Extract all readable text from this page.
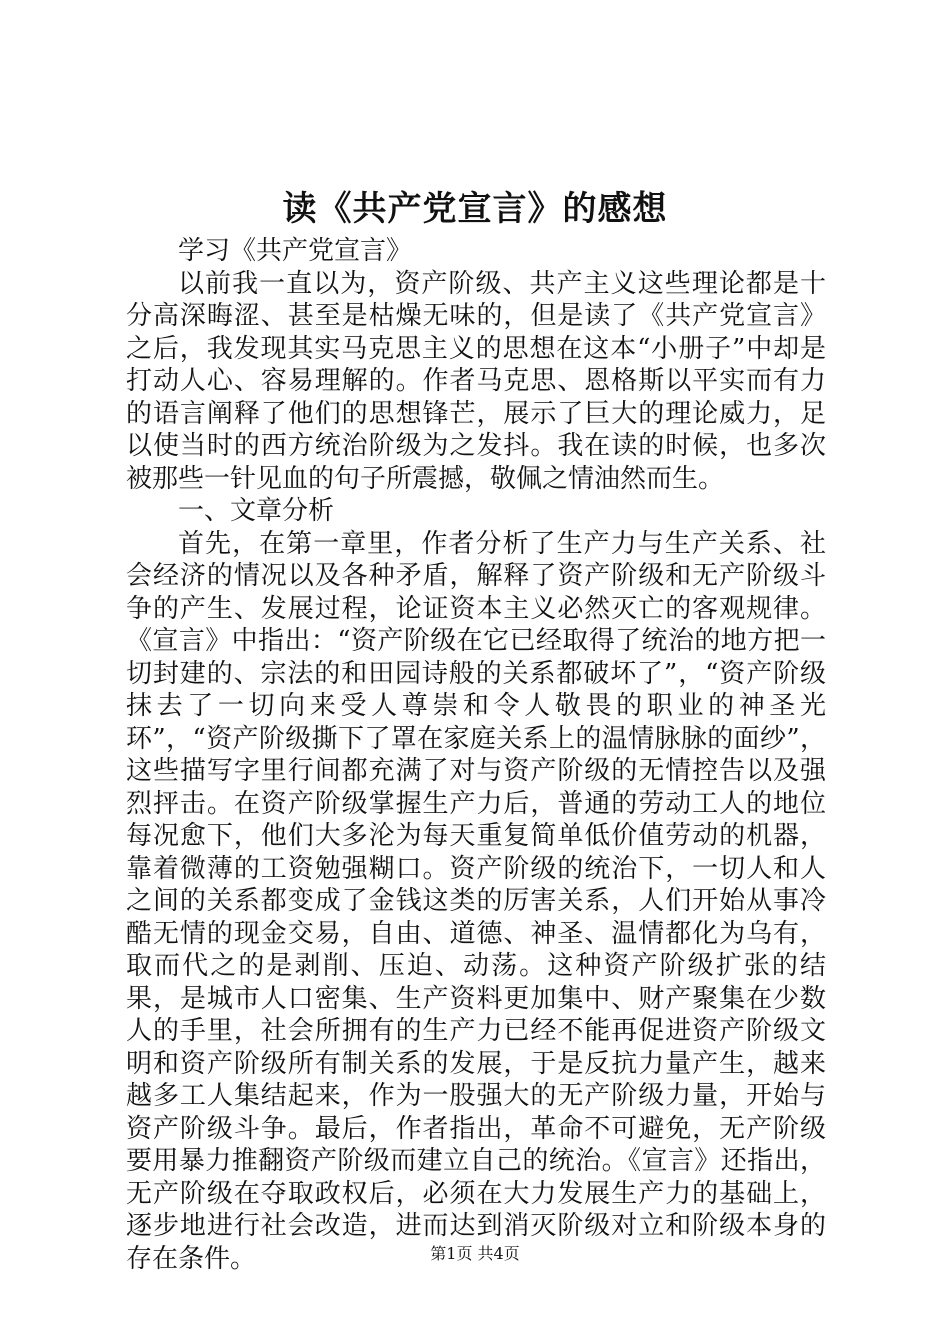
读《共产党宣言》的感想

学习《共产党宣言》

以前我一直以为，资产阶级、共产主义这些理论都是十分高深晦涩、甚至是枯燥无味的，但是读了《共产党宣言》之后，我发现其实马克思主义的思想在这本“小册子”中却是打动人心、容易理解的。作者马克思、恩格斯以平实而有力的语言阐释了他们的思想锋芒，展示了巨大的理论威力，足以使当时的西方统治阶级为之发抖。我在读的时候，也多次被那些一针见血的句子所震撼，敬佩之情油然而生。

一、文章分析

首先，在第一章里，作者分析了生产力与生产关系、社会经济的情况以及各种矛盾，解释了资产阶级和无产阶级斗争的产生、发展过程，论证资本主义必然灭亡的客观规律。《宣言》中指出：“资产阶级在它已经取得了统治的地方把一切封建的、宗法的和田园诗般的关系都破坏了”，“资产阶级抹去了一切向来受人尊崇和令人敬畏的职业的神圣光环”，“资产阶级撕下了罩在家庭关系上的温情脉脉的面纱”，这些描写字里行间都充满了对与资产阶级的无情控告以及强烈抨击。在资产阶级掌握生产力后，普通的劳动工人的地位每况愈下，他们大多沦为每天重复简单低价值劳动的机器，靠着微薄的工资勉强糊口。资产阶级的统治下，一切人和人之间的关系都变成了金钱这类的厉害关系，人们开始从事冷酷无情的现金交易，自由、道德、神圣、温情都化为乌有，取而代之的是剥削、压迫、动荡。这种资产阶级扩张的结果，是城市人口密集、生产资料更加集中、财产聚集在少数人的手里，社会所拥有的生产力已经不能再促进资产阶级文明和资产阶级所有制关系的发展，于是反抗力量产生，越来越多工人集结起来，作为一股强大的无产阶级力量，开始与资产阶级斗争。最后，作者指出，革命不可避免，无产阶级要用暴力推翻资产阶级而建立自己的统治。《宣言》还指出，无产阶级在夺取政权后，必须在大力发展生产力的基础上，逐步地进行社会改造，进而达到消灭阶级对立和阶级本身的存在条件。	第1页 共4页
